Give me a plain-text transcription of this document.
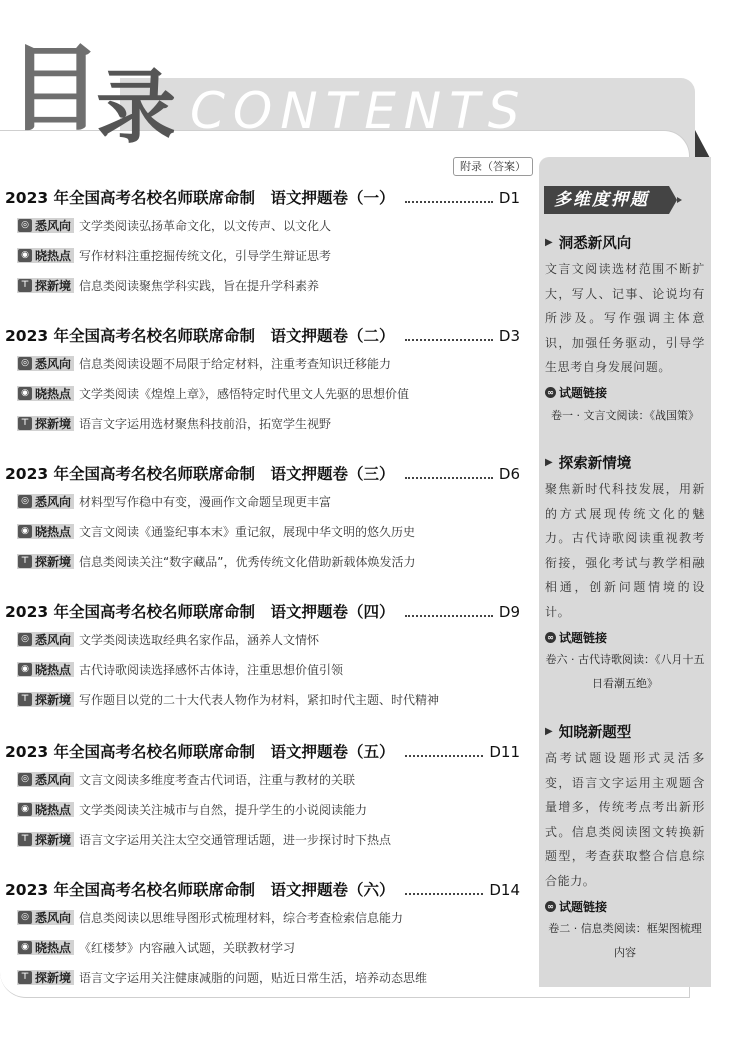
目录 CONTENTS
附录（答案）
2023 年全国高考名校名师联席命制　语文押题卷（一）	D1
◎ 悉风向 文学类阅读弘扬革命文化，以文传声、以文化人
◉ 晓热点 写作材料注重挖掘传统文化，引导学生辩证思考
⊤ 探新境 信息类阅读聚焦学科实践，旨在提升学科素养
2023 年全国高考名校名师联席命制　语文押题卷（二）	D3
◎ 悉风向 信息类阅读设题不局限于给定材料，注重考查知识迁移能力
◉ 晓热点 文学类阅读《煌煌上章》，感悟特定时代里文人先驱的思想价值
⊤ 探新境 语言文字运用选材聚焦科技前沿，拓宽学生视野
2023 年全国高考名校名师联席命制　语文押题卷（三）	D6
◎ 悉风向 材料型写作稳中有变，漫画作文命题呈现更丰富
◉ 晓热点 文言文阅读《通鉴纪事本末》重记叙，展现中华文明的悠久历史
⊤ 探新境 信息类阅读关注“数字藏品”，优秀传统文化借助新载体焕发活力
2023 年全国高考名校名师联席命制　语文押题卷（四）	D9
◎ 悉风向 文学类阅读选取经典名家作品，涵养人文情怀
◉ 晓热点 古代诗歌阅读选择感怀古体诗，注重思想价值引领
⊤ 探新境 写作题目以党的二十大代表人物作为材料，紧扣时代主题、时代精神
2023 年全国高考名校名师联席命制　语文押题卷（五）	D11
◎ 悉风向 文言文阅读多维度考查古代词语，注重与教材的关联
◉ 晓热点 文学类阅读关注城市与自然，提升学生的小说阅读能力
⊤ 探新境 语言文字运用关注太空交通管理话题，进一步探讨时下热点
2023 年全国高考名校名师联席命制　语文押题卷（六）	D14
◎ 悉风向 信息类阅读以思维导图形式梳理材料，综合考查检索信息能力
◉ 晓热点 《红楼梦》内容融入试题，关联教材学习
⊤ 探新境 语言文字运用关注健康减脂的问题，贴近日常生活，培养动态思维
多维度押题
▶ 洞悉新风向
文言文阅读选材范围不断扩大，写人、记事、论说均有所涉及。写作强调主体意识，加强任务驱动，引导学生思考自身发展问题。
∞ 试题链接
卷一 · 文言文阅读：《战国策》
▶ 探索新情境
聚焦新时代科技发展，用新的方式展现传统文化的魅力。古代诗歌阅读重视教考衔接，强化考试与教学相融相通，创新问题情境的设计。
∞ 试题链接
卷六 · 古代诗歌阅读：《八月十五日看潮五绝》
▶ 知晓新题型
高考试题设题形式灵活多变，语言文字运用主观题含量增多，传统考点考出新形式。信息类阅读图文转换新题型，考查获取整合信息综合能力。
∞ 试题链接
卷二 · 信息类阅读：框架图梳理内容
